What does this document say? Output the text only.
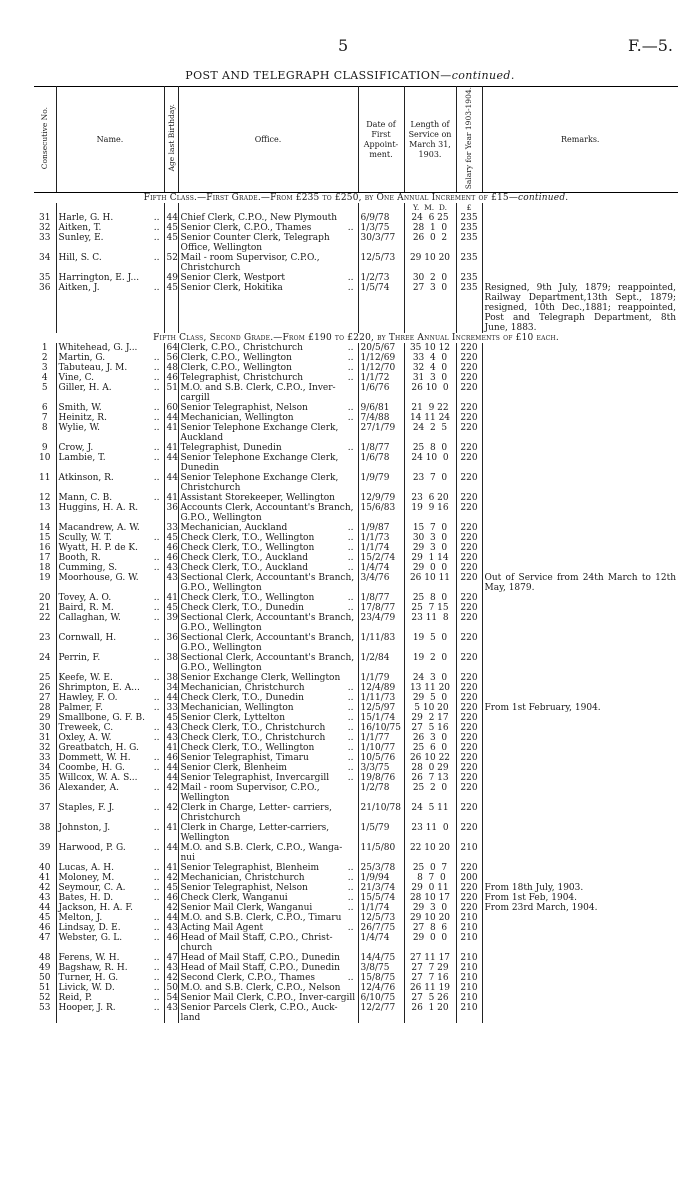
5	F.—5.
POST AND TELEGRAPH CLASSIFICATION—continued.
Consecutive No.	Name.	Age last Birthday.	Office.	Date of First Appoint-ment.	Length of Service on March 31, 1903.	Salary for Year 1903-1904.	Remarks.
Fifth Class.—First Grade.—From £235 to £250, by One Annual Increment of £15—continued.							
					Y.  M.  D.	£	
31	Harle, G. H. ..	44	Chief Clerk, C.P.O., New Plymouth	6/9/78	24  6 25	235	
32	Aitken, T. ..	45	Senior Clerk, C.P.O., Thames ..	1/3/75	28  1  0	235	
33	Sunley, E. ..	45	Senior Counter Clerk, Telegraph Office, Wellington	30/3/77	26  0  2	235	
34	Hill, S. C. ..	52	Mail - room Supervisor, C.P.O., Christchurch	12/5/73	29 10 20	235	
35	Harrington, E. J...	49	Senior Clerk, Westport ..	1/2/73	30  2  0	235	
36	Aitken, J. ..	45	Senior Clerk, Hokitika ..	1/5/74	27  3  0	235	Resigned, 9th July, 1879; reappointed, Railway Department,13th Sept., 1879; resigned, 10th Dec.,1881; reappointed, Post and Telegraph Department, 8th June, 1883.
Fifth Class, Second Grade.—From £190 to £220, by Three Annual Increments of £10 each.							
1	Whitehead, G. J...	64	Clerk, C.P.O., Christchurch ..	20/5/67	35 10 12	220	
2	Martin, G. ..	56	Clerk, C.P.O., Wellington ..	1/12/69	33  4  0	220	
3	Tabuteau, J. M. ..	48	Clerk, C.P.O., Wellington ..	1/12/70	32  4  0	220	
4	Vine, C. ..	46	Telegraphist, Christchurch ..	1/1/72	31  3  0	220	
5	Giller, H. A. ..	51	M.O. and S.B. Clerk, C.P.O., Inver-cargill	1/6/76	26 10  0	220	
6	Smith, W. ..	60	Senior Telegraphist, Nelson ..	9/6/81	21  9 22	220	
7	Heinitz, R. ..	44	Mechanician, Wellington ..	7/4/88	14 11 24	220	
8	Wylie, W. ..	41	Senior Telephone Exchange Clerk, Auckland	27/1/79	24  2  5	220	
9	Crow, J. ..	41	Telegraphist, Dunedin ..	1/8/77	25  8  0	220	
10	Lambie, T. ..	44	Senior Telephone Exchange Clerk, Dunedin	1/6/78	24 10  0	220	
11	Atkinson, R. ..	44	Senior Telephone Exchange Clerk, Christchurch	1/9/79	23  7  0	220	
12	Mann, C. B. ..	41	Assistant Storekeeper, Wellington	12/9/79	23  6 20	220	
13	Huggins, H. A. R.	36	Accounts Clerk, Accountant's Branch, G.P.O., Wellington	15/6/83	19  9 16	220	
14	Macandrew, A. W.	33	Mechanician, Auckland ..	1/9/87	15  7  0	220	
15	Scully, W. T. ..	45	Check Clerk, T.O., Wellington ..	1/1/73	30  3  0	220	
16	Wyatt, H. P. de K.	46	Check Clerk, T.O., Wellington ..	1/1/74	29  3  0	220	
17	Booth, R. ..	46	Check Clerk, T.O., Auckland ..	15/2/74	29  1 14	220	
18	Cumming, S. ..	43	Check Clerk, T.O., Auckland ..	1/4/74	29  0  0	220	
19	Moorhouse, G. W.	43	Sectional Clerk, Accountant's Branch, G.P.O., Wellington	3/4/76	26 10 11	220	Out of Service from 24th March to 12th May, 1879.
20	Tovey, A. O. ..	41	Check Clerk, T.O., Wellington ..	1/8/77	25  8  0	220	
21	Baird, R. M. ..	45	Check Clerk, T.O., Dunedin ..	17/8/77	25  7 15	220	
22	Callaghan, W. ..	39	Sectional Clerk, Accountant's Branch, G.P.O., Wellington	23/4/79	23 11  8	220	
23	Cornwall, H. ..	36	Sectional Clerk, Accountant's Branch, G.P.O., Wellington	1/11/83	19  5  0	220	
24	Perrin, F. ..	38	Sectional Clerk, Accountant's Branch, G.P.O., Wellington	1/2/84	19  2  0	220	
25	Keefe, W. E. ..	38	Senior Exchange Clerk, Wellington	1/1/79	24  3  0	220	
26	Shrimpton, E. A...	34	Mechanician, Christchurch ..	12/4/89	13 11 20	220	
27	Hawley, F. O. ..	44	Check Clerk, T.O., Dunedin ..	1/11/73	29  5  0	220	
28	Palmer, F. ..	33	Mechanician, Wellington ..	12/5/97	5 10 20	220	From 1st February, 1904.
29	Smallbone, G. F. B.	45	Senior Clerk, Lyttelton ..	15/1/74	29  2 17	220	
30	Treweek, C. ..	43	Check Clerk, T.O., Christchurch ..	16/10/75	27  5 16	220	
31	Oxley, A. W. ..	43	Check Clerk, T.O., Christchurch ..	1/1/77	26  3  0	220	
32	Greatbatch, H. G.	41	Check Clerk, T.O., Wellington ..	1/10/77	25  6  0	220	
33	Dommett, W. H. ..	46	Senior Telegraphist, Timaru ..	10/5/76	26 10 22	220	
34	Coombe, H. G. ..	44	Senior Clerk, Blenheim ..	3/3/75	28  0 29	220	
35	Willcox, W. A. S...	44	Senior Telegraphist, Invercargill ..	19/8/76	26  7 13	220	
36	Alexander, A. ..	42	Mail - room Supervisor, C.P.O., Wellington	1/2/78	25  2  0	220	
37	Staples, F. J. ..	42	Clerk in Charge, Letter- carriers, Christchurch	21/10/78	24  5 11	220	
38	Johnston, J. ..	41	Clerk in Charge, Letter-carriers, Wellington	1/5/79	23 11  0	220	
39	Harwood, P. G. ..	44	M.O. and S.B. Clerk, C.P.O., Wanga-nui	11/5/80	22 10 20	210	
40	Lucas, A. H. ..	41	Senior Telegraphist, Blenheim ..	25/3/78	25  0  7	220	
41	Moloney, M. ..	42	Mechanician, Christchurch ..	1/9/94	8  7  0	200	
42	Seymour, C. A. ..	45	Senior Telegraphist, Nelson ..	21/3/74	29  0 11	220	From 18th July, 1903.
43	Bates, H. D. ..	46	Check Clerk, Wanganui ..	15/5/74	28 10 17	220	From 1st Feb, 1904.
44	Jackson, H. A. F.	42	Senior Mail Clerk, Wanganui ..	1/1/74	29  3  0	220	From 23rd March, 1904.
45	Melton, J. ..	44	M.O. and S.B. Clerk, C.P.O., Timaru	12/5/73	29 10 20	210	
46	Lindsay, D. E. ..	43	Acting Mail Agent ..	26/7/75	27  8  6	210	
47	Webster, G. L. ..	46	Head of Mail Staff, C.P.O., Christ-church	1/4/74	29  0  0	210	
48	Ferens, W. H. ..	47	Head of Mail Staff, C.P.O., Dunedin	14/4/75	27 11 17	210	
49	Bagshaw, R. H. ..	43	Head of Mail Staff, C.P.O., Dunedin	3/8/75	27  7 29	210	
50	Turner, H. G. ..	42	Second Clerk, C.P.O., Thames ..	15/8/75	27  7 16	210	
51	Livick, W. D. ..	50	M.O. and S.B. Clerk, C.P.O., Nelson	12/4/76	26 11 19	210	
52	Reid, P. ..	54	Senior Mail Clerk, C.P.O., Inver-cargill	6/10/75	27  5 26	210	
53	Hooper, J. R. ..	43	Senior Parcels Clerk, C.P.O., Auck-land	12/2/77	26  1 20	210	
